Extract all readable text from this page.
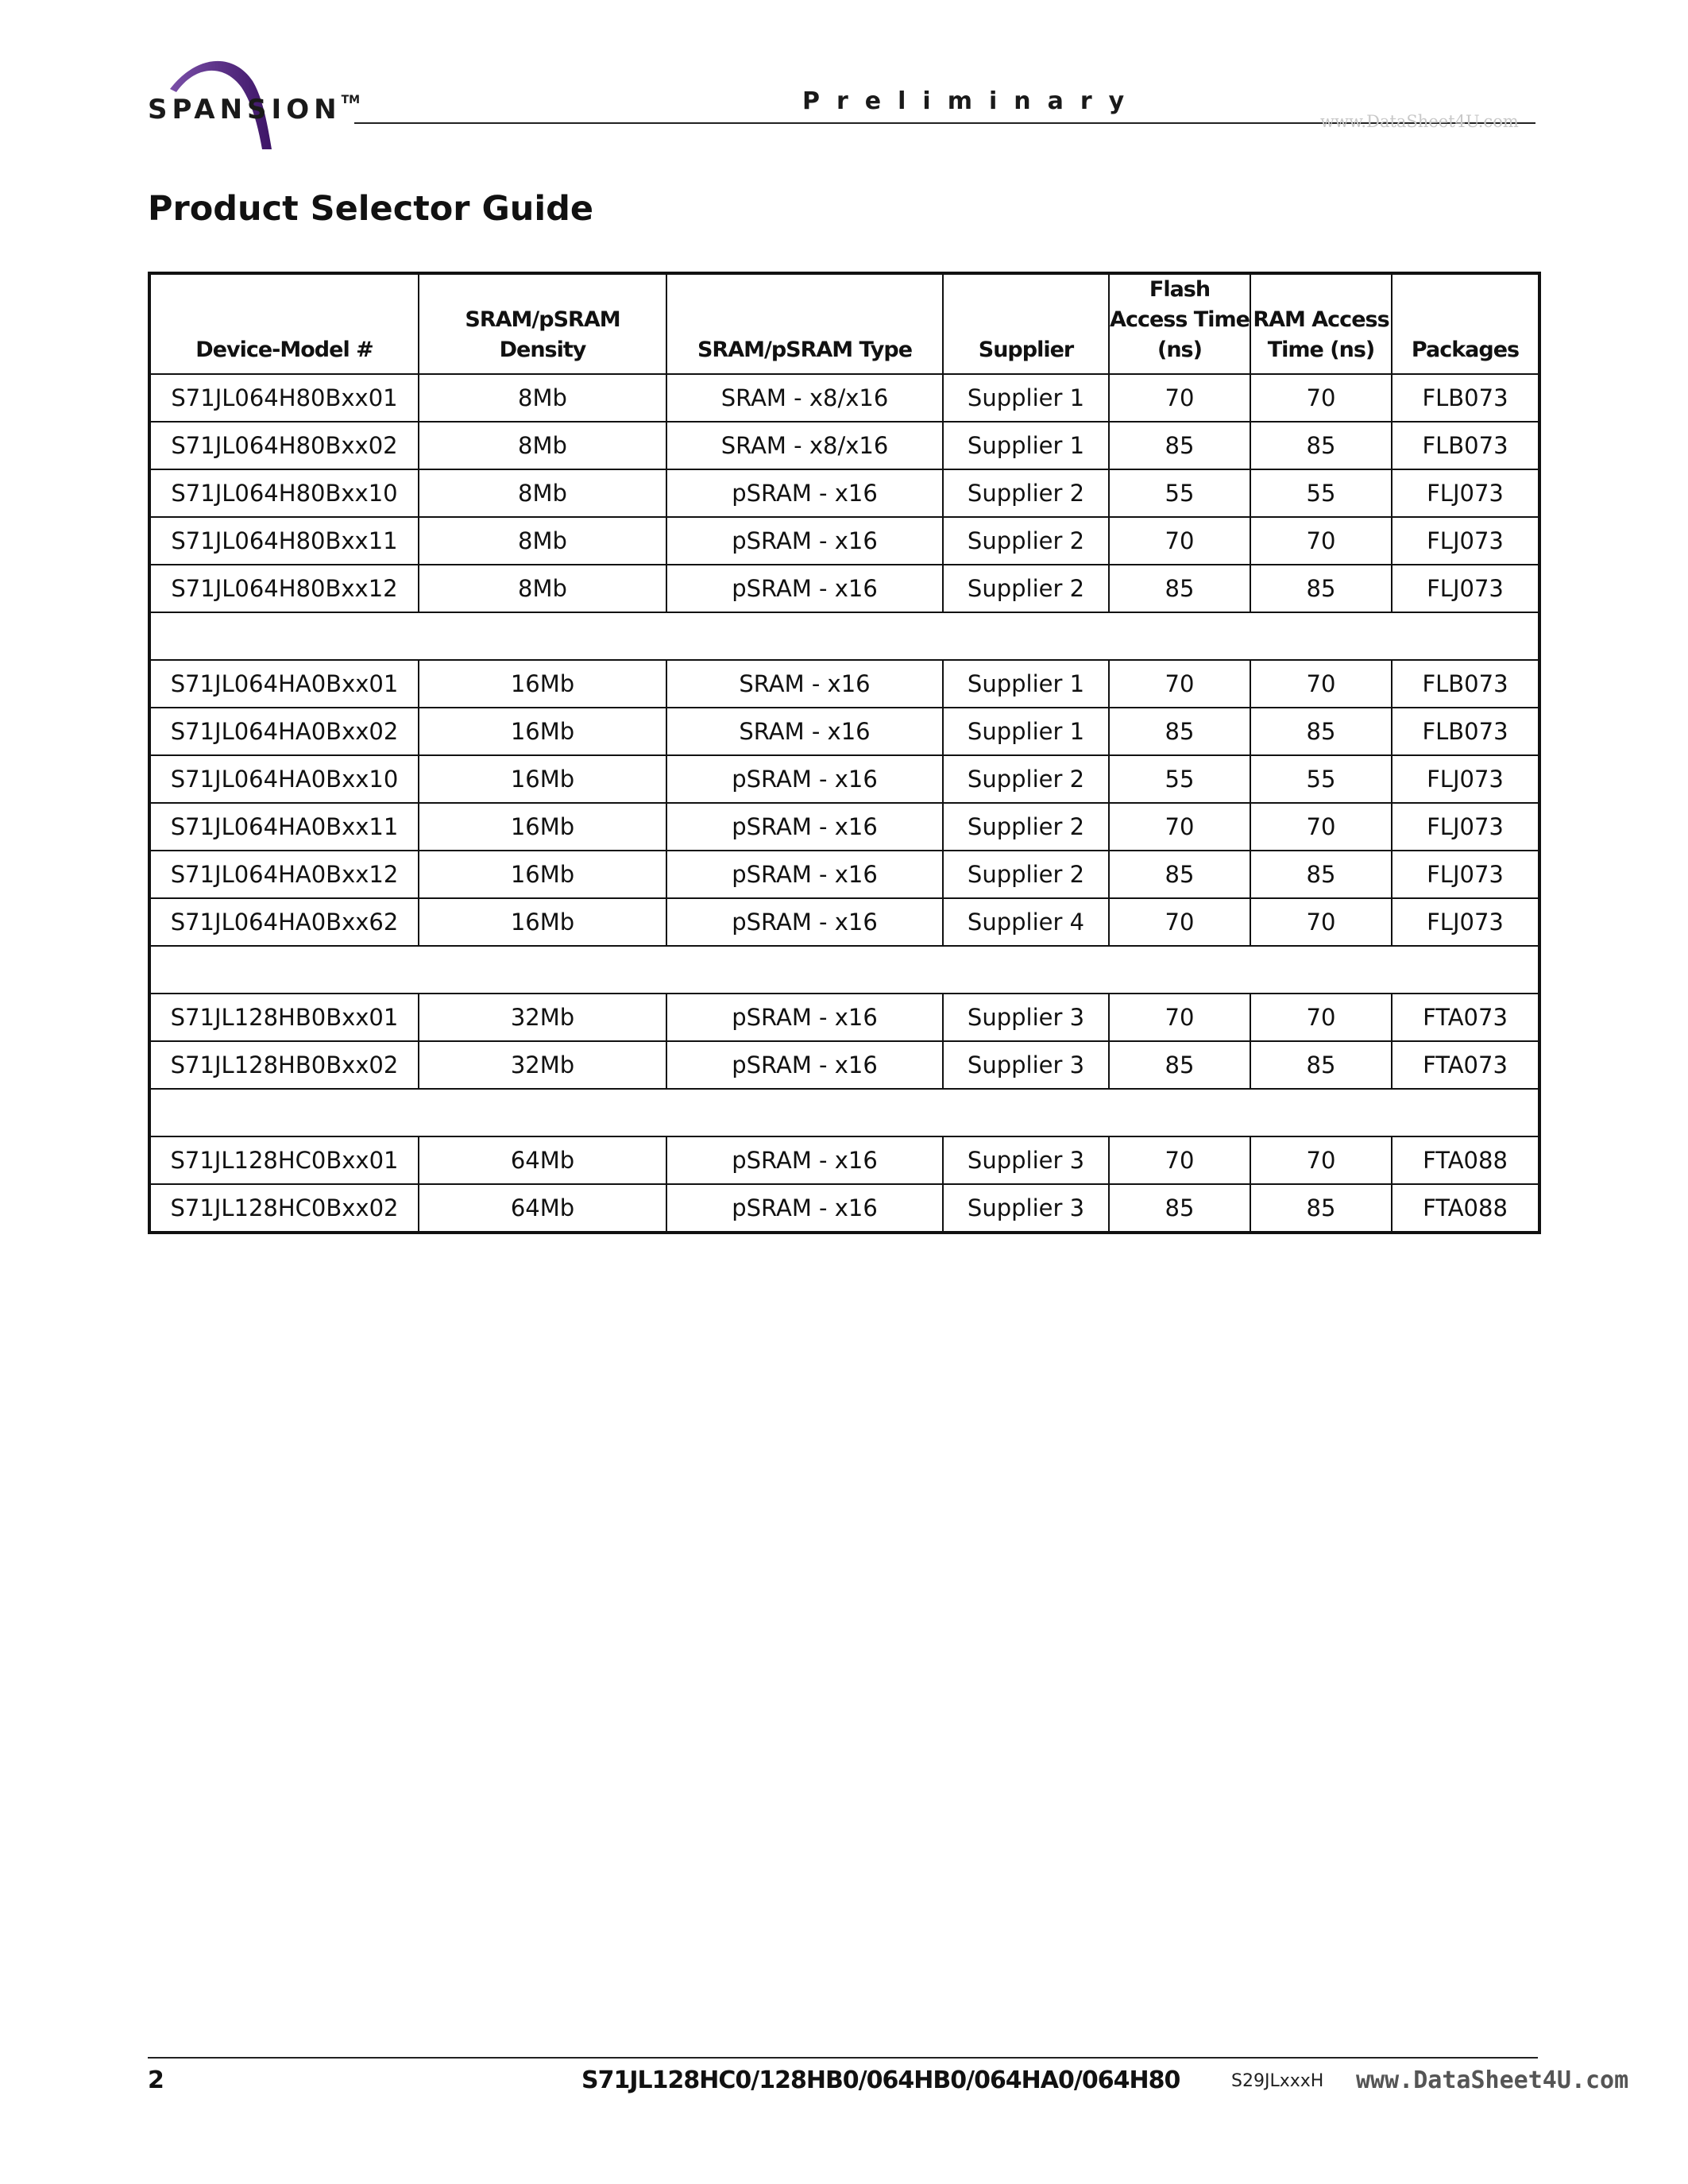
SPANSION™	Preliminary
www.DataSheet4U.com
Product Selector Guide
Device-Model #	SRAM/pSRAM Density	SRAM/pSRAM Type	Supplier	Flash Access Time (ns)	RAM Access Time (ns)	Packages
S71JL064H80Bxx01	8Mb	SRAM - x8/x16	Supplier 1	70	70	FLB073
S71JL064H80Bxx02	8Mb	SRAM - x8/x16	Supplier 1	85	85	FLB073
S71JL064H80Bxx10	8Mb	pSRAM - x16	Supplier 2	55	55	FLJ073
S71JL064H80Bxx11	8Mb	pSRAM - x16	Supplier 2	70	70	FLJ073
S71JL064H80Bxx12	8Mb	pSRAM - x16	Supplier 2	85	85	FLJ073

S71JL064HA0Bxx01	16Mb	SRAM - x16	Supplier 1	70	70	FLB073
S71JL064HA0Bxx02	16Mb	SRAM - x16	Supplier 1	85	85	FLB073
S71JL064HA0Bxx10	16Mb	pSRAM - x16	Supplier 2	55	55	FLJ073
S71JL064HA0Bxx11	16Mb	pSRAM - x16	Supplier 2	70	70	FLJ073
S71JL064HA0Bxx12	16Mb	pSRAM - x16	Supplier 2	85	85	FLJ073
S71JL064HA0Bxx62	16Mb	pSRAM - x16	Supplier 4	70	70	FLJ073

S71JL128HB0Bxx01	32Mb	pSRAM - x16	Supplier 3	70	70	FTA073
S71JL128HB0Bxx02	32Mb	pSRAM - x16	Supplier 3	85	85	FTA073

S71JL128HC0Bxx01	64Mb	pSRAM - x16	Supplier 3	70	70	FTA088
S71JL128HC0Bxx02	64Mb	pSRAM - x16	Supplier 3	85	85	FTA088
2	S71JL128HC0/128HB0/064HB0/064HA0/064H80	S29JLxxxH www.DataSheet4U.com
